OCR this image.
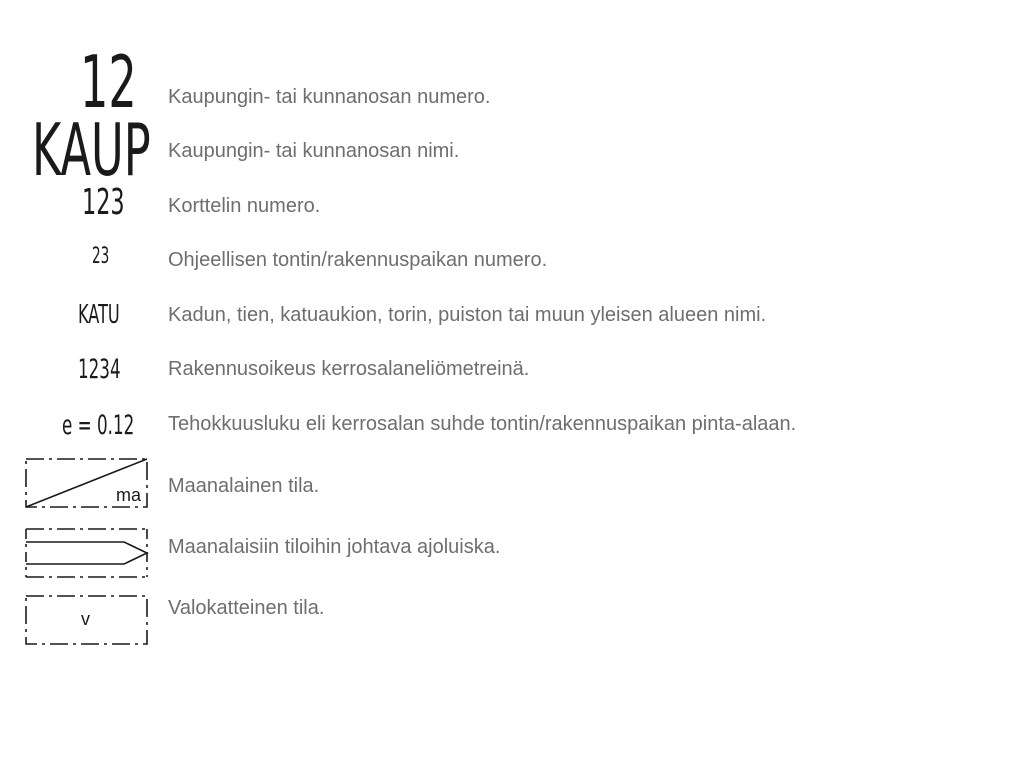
12
KAUP
123
23
KATU
1234
e = 0.12
ma
v
Kaupungin- tai kunnanosan numero.
Kaupungin- tai kunnanosan nimi.
Korttelin numero.
Ohjeellisen tontin/rakennuspaikan numero.
Kadun, tien, katuaukion, torin, puiston tai muun yleisen alueen nimi.
Rakennusoikeus kerrosalaneliömetreinä.
Tehokkuusluku eli kerrosalan suhde tontin/rakennuspaikan pinta-alaan.
Maanalainen tila.
Maanalaisiin tiloihin johtava ajoluiska.
Valokatteinen tila.
